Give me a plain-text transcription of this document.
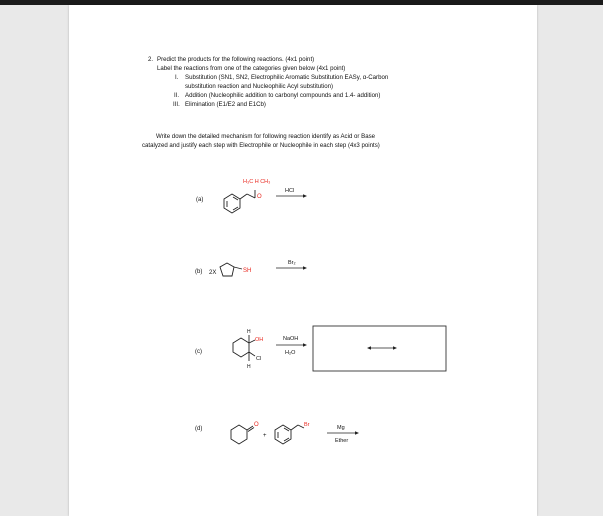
2. Predict the products for the following reactions. (4x1 point)
Label the reactions from one of the categories given below (4x1 point)
I. Substitution (SN1, SN2, Electrophilic Aromatic Substitution EASy, α-Carbon
substitution reaction and Nucleophilic Acyl substitution)
II. Addition (Nucleophilic addition to carbonyl compounds and 1.4- addition)
III. Elimination (E1/E2 and E1Cb)
Write down the detailed mechanism for following reaction identify as Acid or Base
catalyzed and justify each step with Electrophile or Nucleophile in each step (4x3 points)
(a)
(b)
(c)
(d)
H₃C H CH₃
O
HCl
2X	SH
Br₂
H
OH
Cl
H
NaOH
H₂O
O
+
Br	Mg
Ether
